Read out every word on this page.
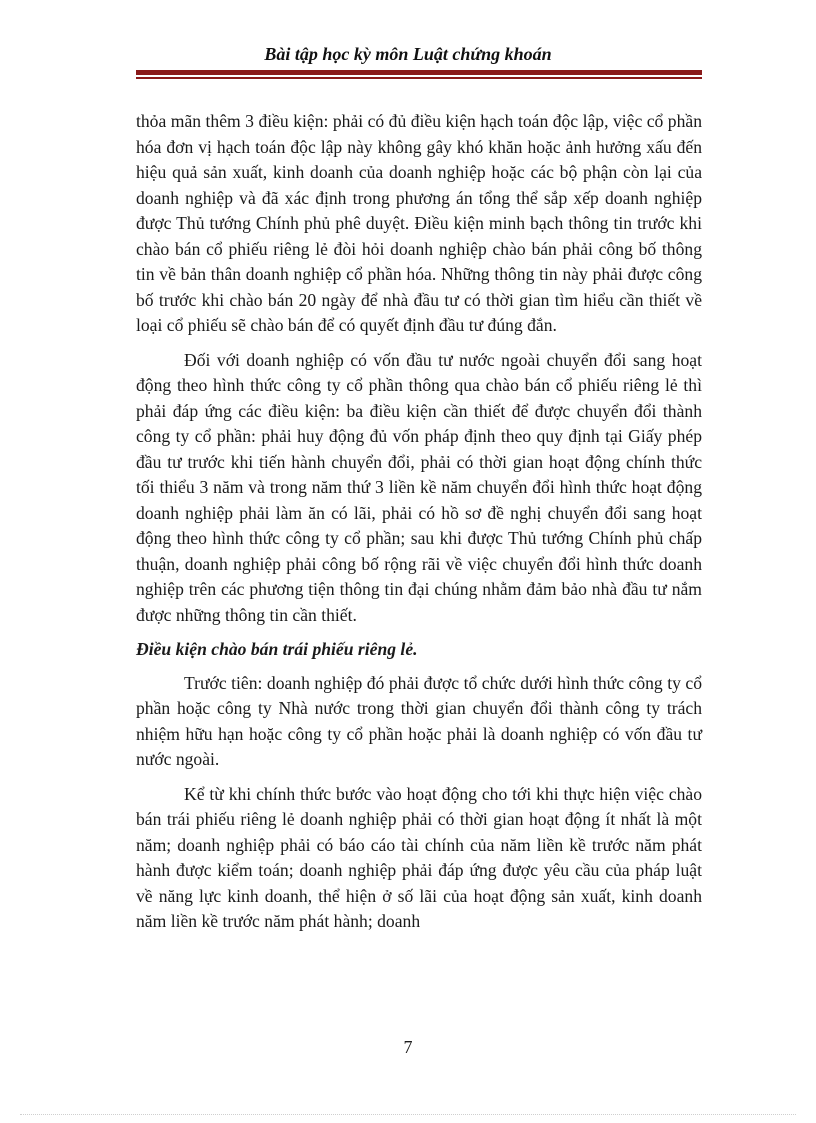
Bài tập học kỳ môn Luật chứng khoán

thỏa mãn thêm 3 điều kiện: phải có đủ điều kiện hạch toán độc lập, việc cổ phần hóa đơn vị hạch toán độc lập này không gây khó khăn hoặc ảnh hưởng xấu đến hiệu quả sản xuất, kinh doanh của doanh nghiệp hoặc các bộ phận còn lại của doanh nghiệp và đã xác định trong phương án tổng thể sắp xếp doanh nghiệp được Thủ tướng Chính phủ phê duyệt. Điều kiện minh bạch thông tin trước khi chào bán cổ phiếu riêng lẻ đòi hỏi doanh nghiệp chào bán phải công bố thông tin về bản thân doanh nghiệp cổ phần hóa. Những thông tin này phải được công bố trước khi chào bán 20 ngày để nhà đầu tư có thời gian tìm hiểu cần thiết về loại cổ phiếu sẽ chào bán để có quyết định đầu tư đúng đắn.

Đối với doanh nghiệp có vốn đầu tư nước ngoài chuyển đổi sang hoạt động theo hình thức công ty cổ phần thông qua chào bán cổ phiếu riêng lẻ thì phải đáp ứng các điều kiện: ba điều kiện cần thiết để được chuyển đổi thành công ty cổ phần: phải huy động đủ vốn pháp định theo quy định tại Giấy phép đầu tư trước khi tiến hành chuyển đổi, phải có thời gian hoạt động chính thức tối thiểu 3 năm và trong năm thứ 3 liền kề năm chuyển đổi hình thức hoạt động doanh nghiệp phải làm ăn có lãi, phải có hồ sơ đề nghị chuyển đổi sang hoạt động theo hình thức công ty cổ phần; sau khi được Thủ tướng Chính phủ chấp thuận, doanh nghiệp phải công bố rộng rãi về việc chuyển đổi hình thức doanh nghiệp trên các phương tiện thông tin đại chúng nhằm đảm bảo nhà đầu tư nắm được những thông tin cần thiết.

Điều kiện chào bán trái phiếu riêng lẻ.

Trước tiên: doanh nghiệp đó phải được tổ chức dưới hình thức công ty cổ phần hoặc công ty Nhà nước trong thời gian chuyển đổi thành công ty trách nhiệm hữu hạn hoặc công ty cổ phần hoặc phải là doanh nghiệp có vốn đầu tư nước ngoài.

Kể từ khi chính thức bước vào hoạt động cho tới khi thực hiện việc chào bán trái phiếu riêng lẻ doanh nghiệp phải có thời gian hoạt động ít nhất là một năm; doanh nghiệp phải có báo cáo tài chính của năm liền kề trước năm phát hành được kiểm toán; doanh nghiệp phải đáp ứng được yêu cầu của pháp luật về năng lực kinh doanh, thể hiện ở số lãi của hoạt động sản xuất, kinh doanh năm liền kề trước năm phát hành; doanh

7
